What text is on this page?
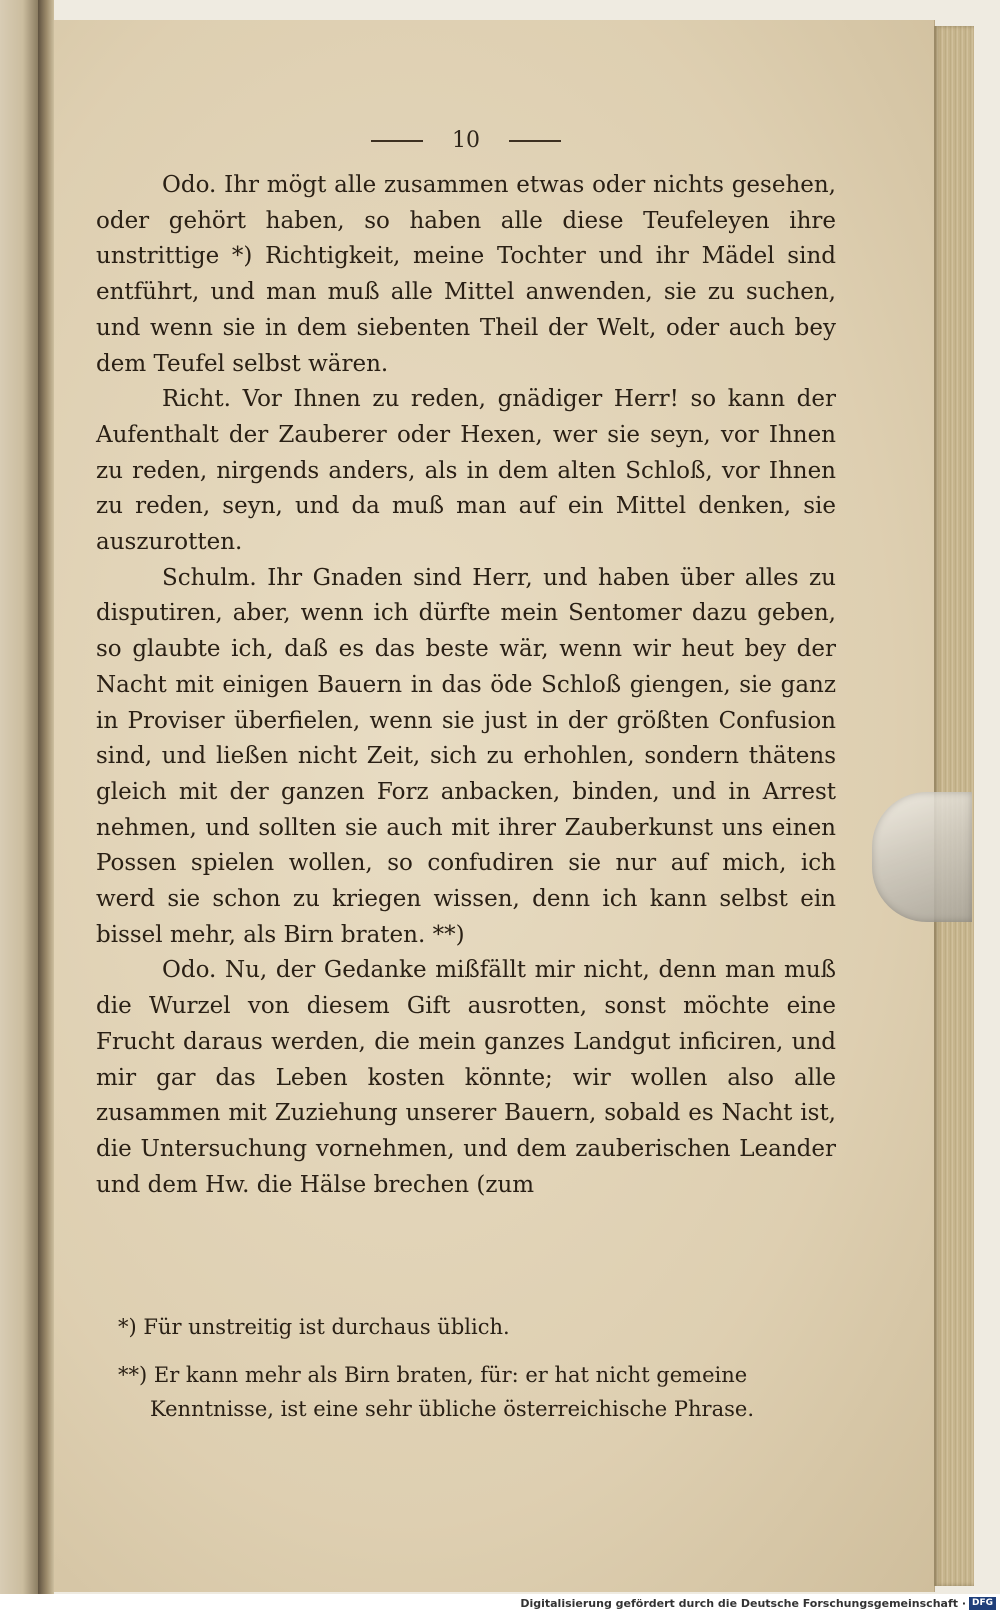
10

Odo. Ihr mögt alle zusammen etwas oder nichts gesehen, oder gehört haben, so haben alle diese Teufeleyen ihre unstrittige *) Richtigkeit, meine Tochter und ihr Mädel sind entführt, und man muß alle Mittel anwenden, sie zu suchen, und wenn sie in dem siebenten Theil der Welt, oder auch bey dem Teufel selbst wären.

Richt. Vor Ihnen zu reden, gnädiger Herr! so kann der Aufenthalt der Zauberer oder Hexen, wer sie seyn, vor Ihnen zu reden, nirgends anders, als in dem alten Schloß, vor Ihnen zu reden, seyn, und da muß man auf ein Mittel denken, sie auszurotten.

Schulm. Ihr Gnaden sind Herr, und haben über alles zu disputiren, aber, wenn ich dürfte mein Sentomer dazu geben, so glaubte ich, daß es das beste wär, wenn wir heut bey der Nacht mit einigen Bauern in das öde Schloß giengen, sie ganz in Proviser überfielen, wenn sie just in der größten Confusion sind, und ließen nicht Zeit, sich zu erhohlen, sondern thätens gleich mit der ganzen Forz anbacken, binden, und in Arrest nehmen, und sollten sie auch mit ihrer Zauberkunst uns einen Possen spielen wollen, so confudiren sie nur auf mich, ich werd sie schon zu kriegen wissen, denn ich kann selbst ein bissel mehr, als Birn braten. **)

Odo. Nu, der Gedanke mißfällt mir nicht, denn man muß die Wurzel von diesem Gift ausrotten, sonst möchte eine Frucht daraus werden, die mein ganzes Landgut inficiren, und mir gar das Leben kosten könnte; wir wollen also alle zusammen mit Zuziehung unserer Bauern, sobald es Nacht ist, die Untersuchung vornehmen, und dem zauberischen Leander und dem Hw. die Hälse brechen (zum

*) Für unstreitig ist durchaus üblich.

**) Er kann mehr als Birn braten, für: er hat nicht gemeine Kenntnisse, ist eine sehr übliche österreichische Phrase.

Digitalisierung gefördert durch die Deutsche Forschungsgemeinschaft · DFG
